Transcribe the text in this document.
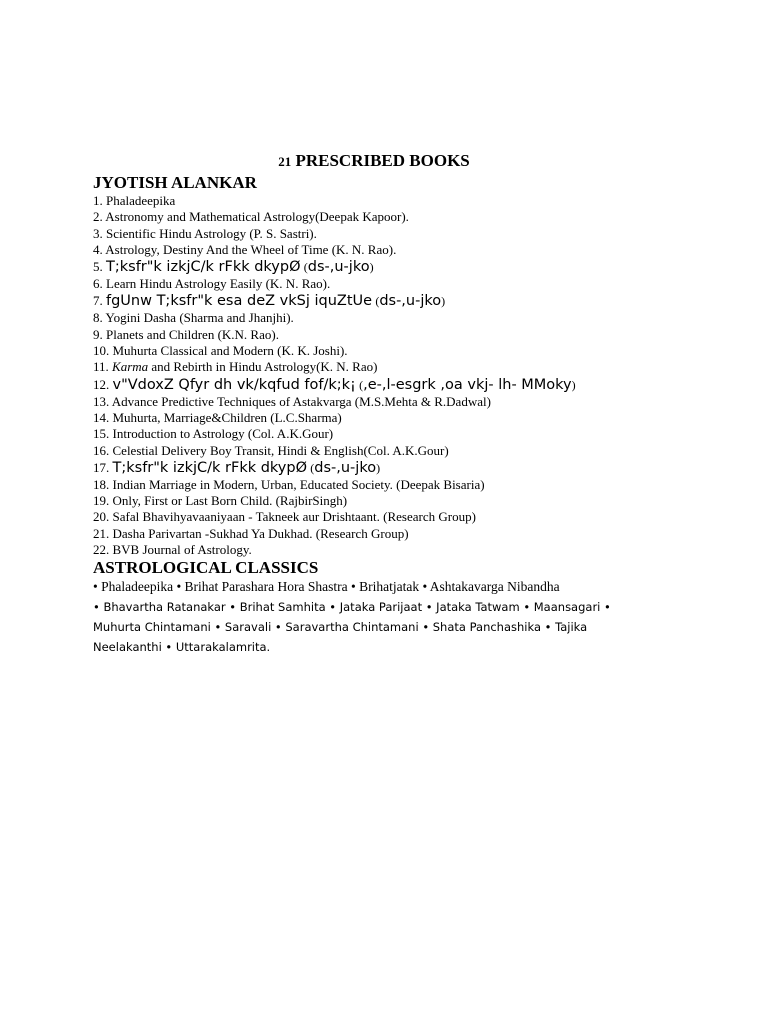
21 PRESCRIBED BOOKS
JYOTISH ALANKAR
1. Phaladeepika
2. Astronomy and Mathematical Astrology(Deepak Kapoor).
3. Scientific Hindu Astrology (P. S. Sastri).
4. Astrology, Destiny And the Wheel of Time (K. N. Rao).
5. T;ksfr"k izkjC/k rFkk dkypØ (ds-,u-jko)
6. Learn Hindu Astrology Easily (K. N. Rao).
7. fgUnw T;ksfr"k esa deZ vkSj iquZtUe (ds-,u-jko)
8. Yogini Dasha (Sharma and Jhanjhi).
9. Planets and Children (K.N. Rao).
10. Muhurta Classical and Modern (K. K. Joshi).
11. Karma and Rebirth in Hindu Astrology(K. N. Rao)
12. v"VdoxZ Qfyr dh vk/kqfud fof/k;k¡ (,e-,l-esgrk ,oa vkj- lh- MMoky)
13. Advance Predictive Techniques of Astakvarga (M.S.Mehta & R.Dadwal)
14. Muhurta, Marriage&Children (L.C.Sharma)
15. Introduction to Astrology (Col. A.K.Gour)
16. Celestial Delivery Boy Transit, Hindi & English(Col. A.K.Gour)
17. T;ksfr"k izkjC/k rFkk dkypØ (ds-,u-jko)
18. Indian Marriage in Modern, Urban, Educated Society. (Deepak Bisaria)
19. Only, First or Last Born Child. (RajbirSingh)
20. Safal Bhavihyavaaniyaan - Takneek aur Drishtaant. (Research Group)
21. Dasha Parivartan -Sukhad Ya Dukhad. (Research Group)
22. BVB Journal of Astrology.
ASTROLOGICAL CLASSICS

• Phaladeepika • Brihat Parashara Hora Shastra • Brihatjatak • Ashtakavarga Nibandha

• Bhavartha Ratanakar • Brihat Samhita • Jataka Parijaat • Jataka Tatwam • Maansagari •

Muhurta Chintamani • Saravali • Saravartha Chintamani • Shata Panchashika • Tajika

Neelakanthi • Uttarakalamrita.
